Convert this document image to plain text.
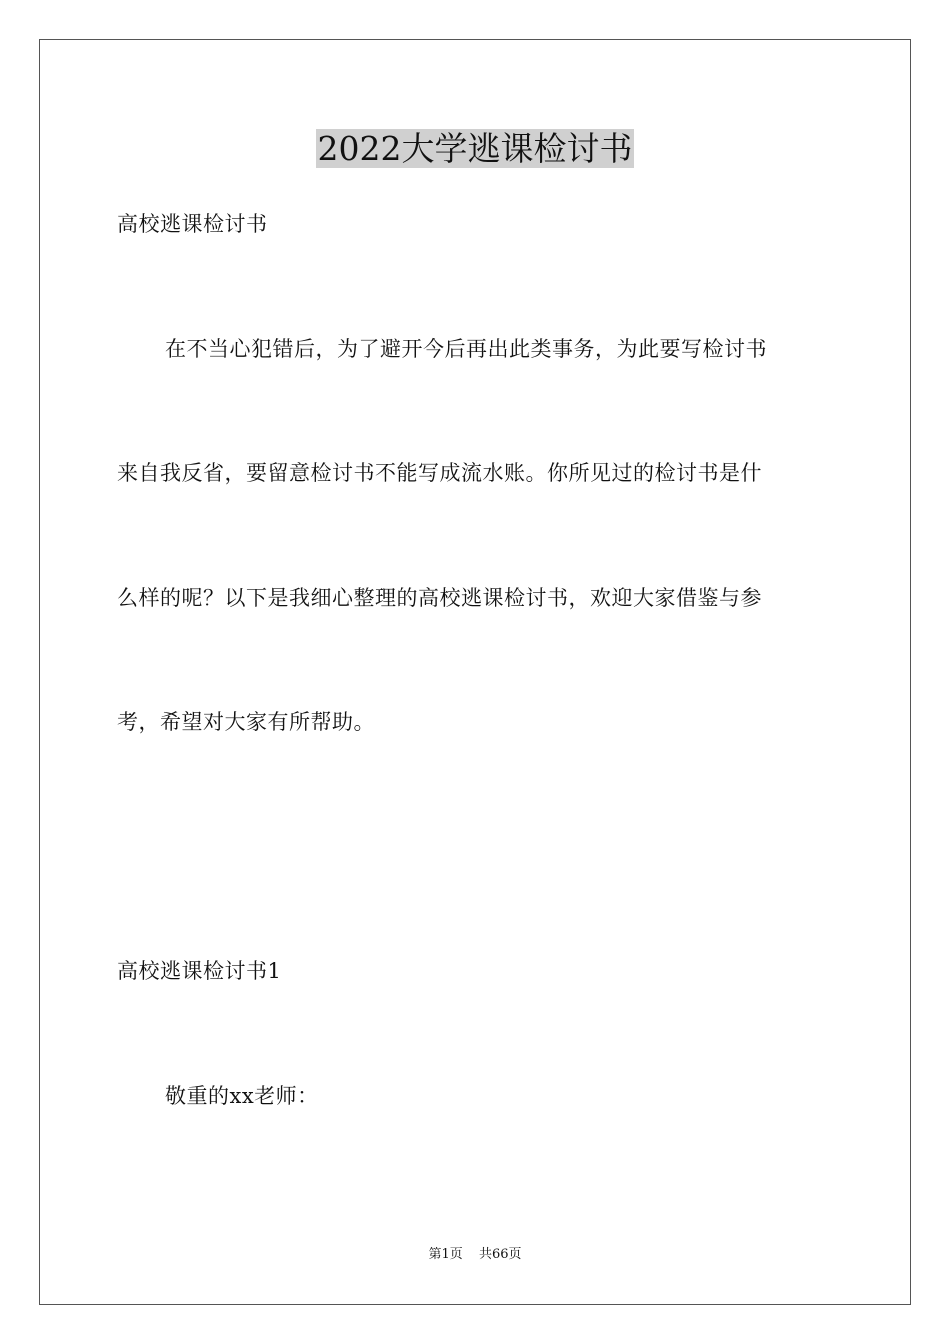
2022大学逃课检讨书
高校逃课检讨书
在不当心犯错后，为了避开今后再出此类事务，为此要写检讨书
来自我反省，要留意检讨书不能写成流水账。你所见过的检讨书是什
么样的呢？以下是我细心整理的高校逃课检讨书，欢迎大家借鉴与参
考，希望对大家有所帮助。
高校逃课检讨书1
敬重的xx老师：
第1页 共66页
